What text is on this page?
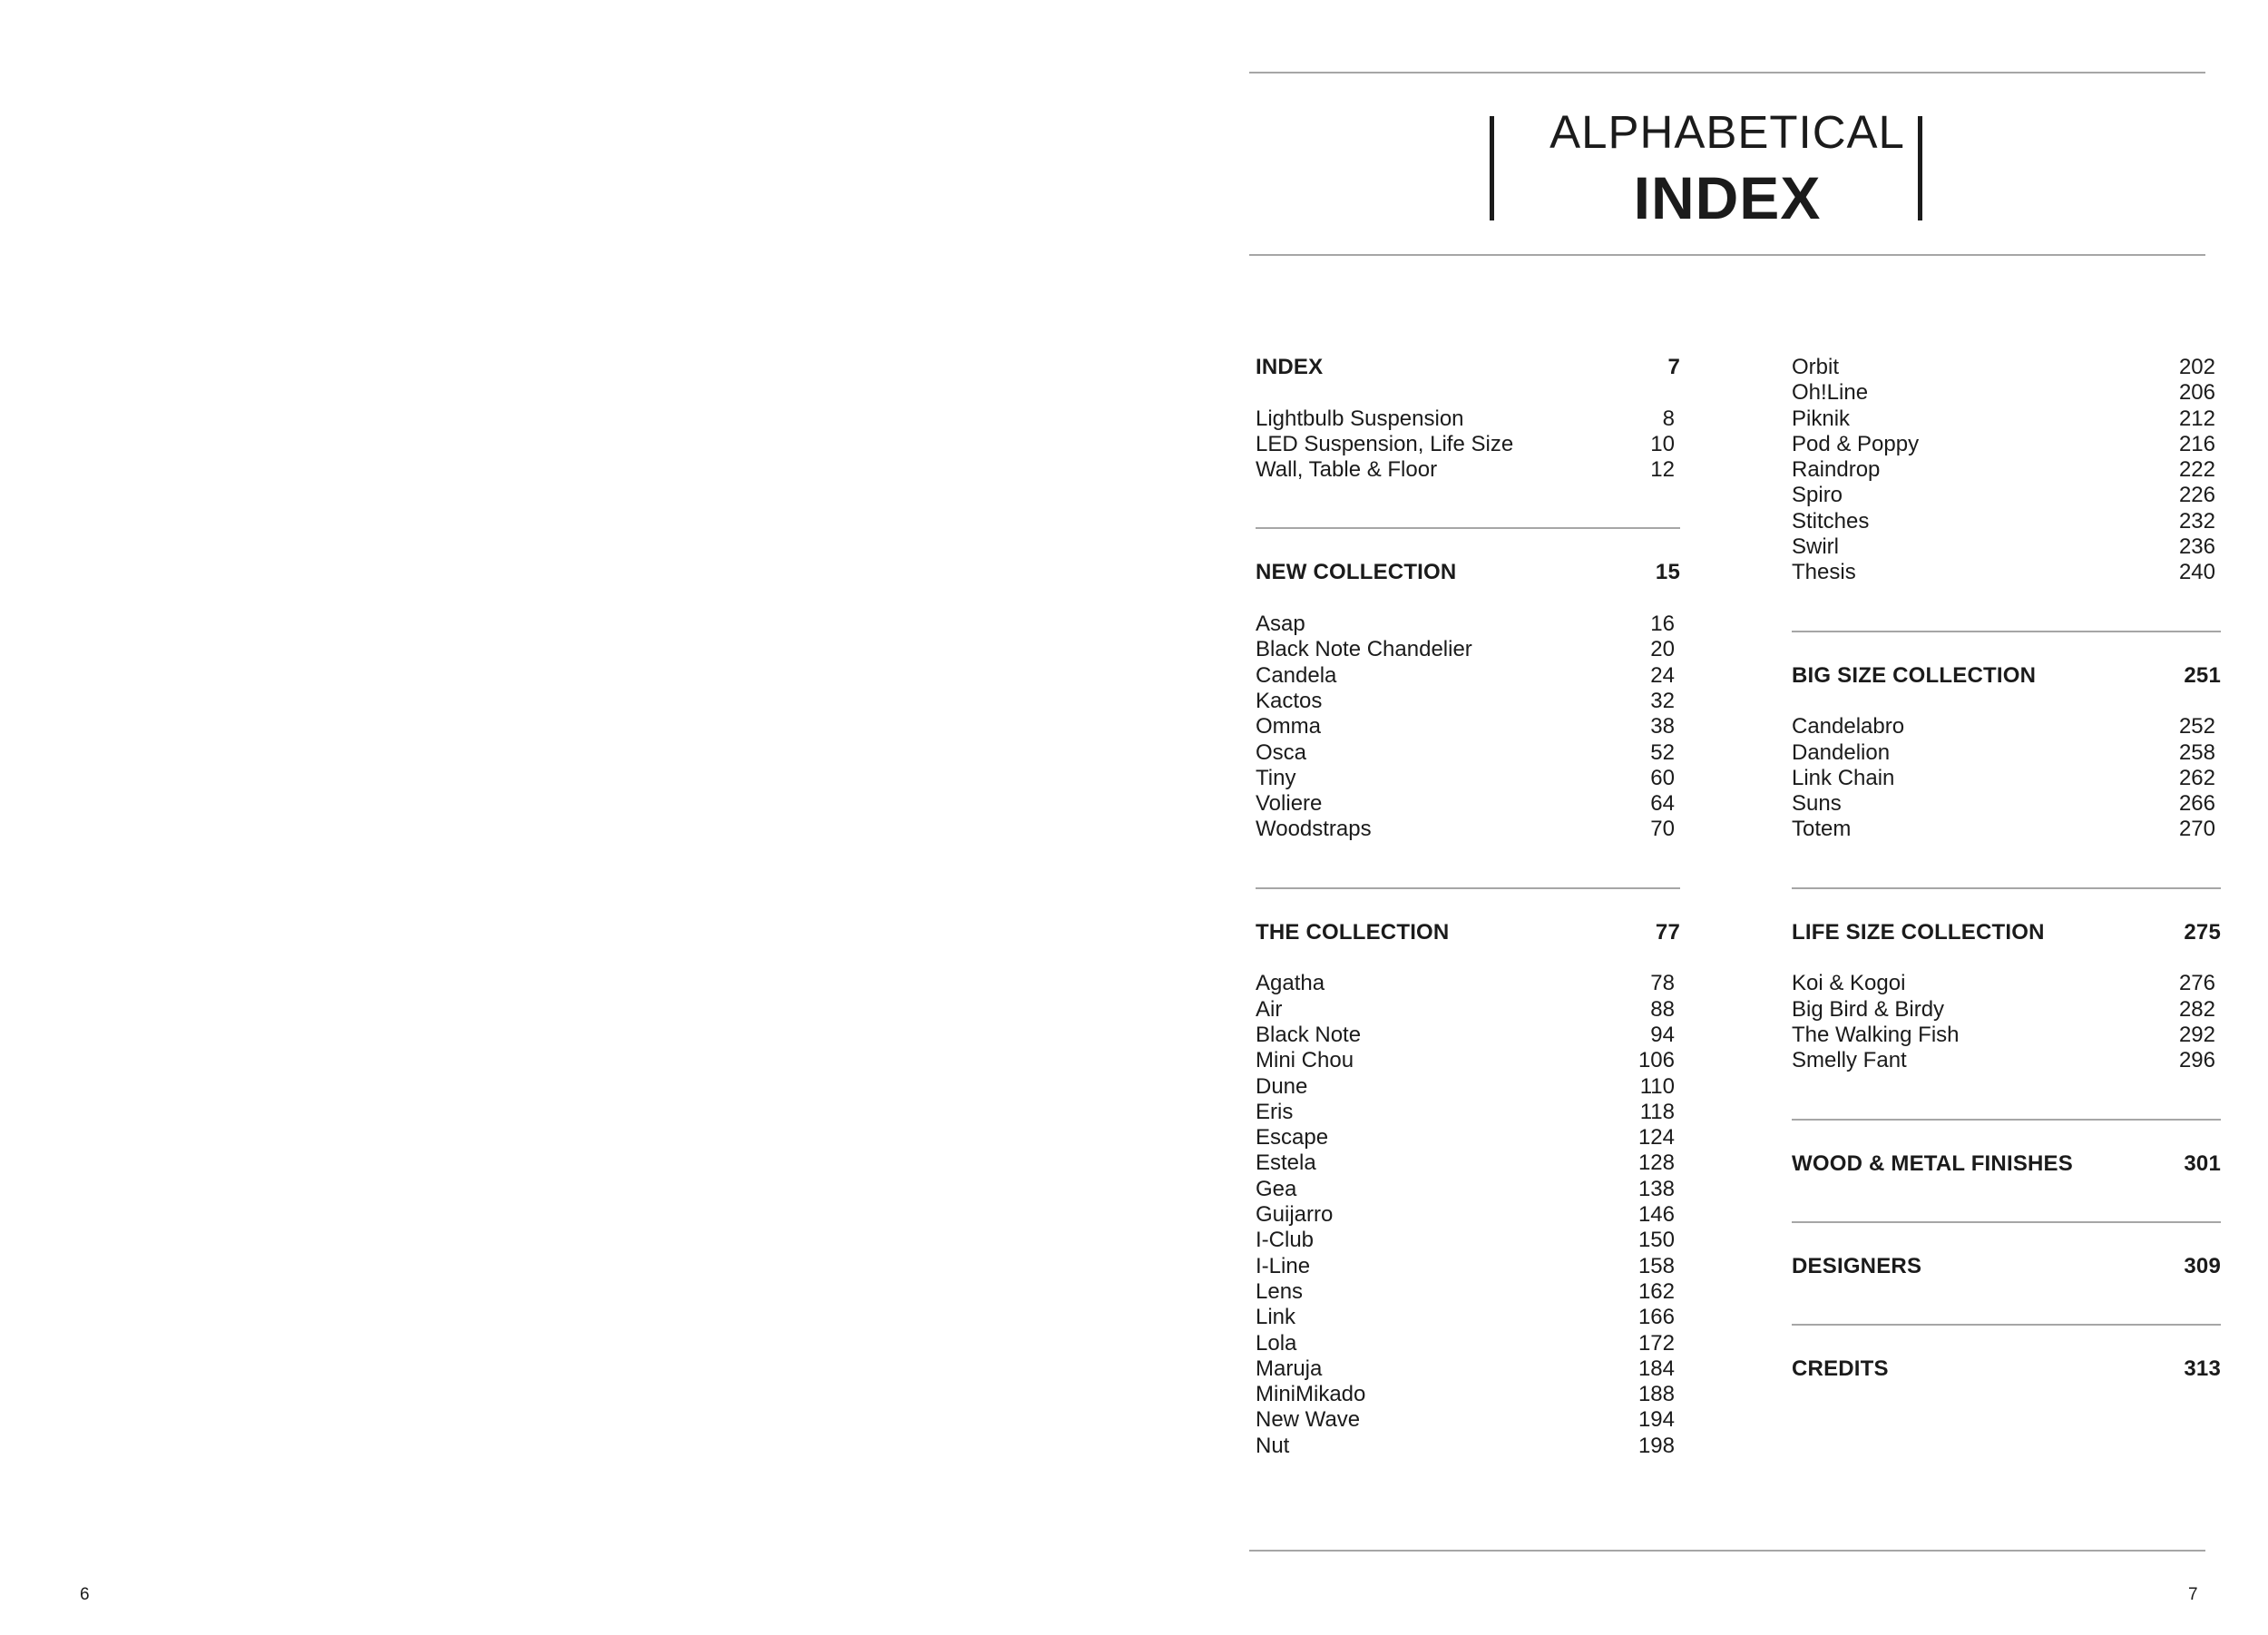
ALPHABETICAL
INDEX
INDEX	7
Lightbulb Suspension	8
LED Suspension, Life Size	10
Wall, Table & Floor	12
NEW COLLECTION	15
Asap	16
Black Note Chandelier	20
Candela	24
Kactos	32
Omma	38
Osca	52
Tiny	60
Voliere	64
Woodstraps	70
THE COLLECTION	77
Agatha	78
Air	88
Black Note	94
Mini Chou	106
Dune	110
Eris	118
Escape	124
Estela	128
Gea	138
Guijarro	146
I-Club	150
I-Line	158
Lens	162
Link	166
Lola	172
Maruja	184
MiniMikado	188
New Wave	194
Nut	198
Orbit	202
Oh!Line	206
Piknik	212
Pod & Poppy	216
Raindrop	222
Spiro	226
Stitches	232
Swirl	236
Thesis	240
BIG SIZE COLLECTION	251
Candelabro	252
Dandelion	258
Link Chain	262
Suns	266
Totem	270
LIFE SIZE COLLECTION	275
Koi & Kogoi	276
Big Bird & Birdy	282
The Walking Fish	292
Smelly Fant	296
WOOD & METAL FINISHES	301
DESIGNERS	309
CREDITS	313
6	7
